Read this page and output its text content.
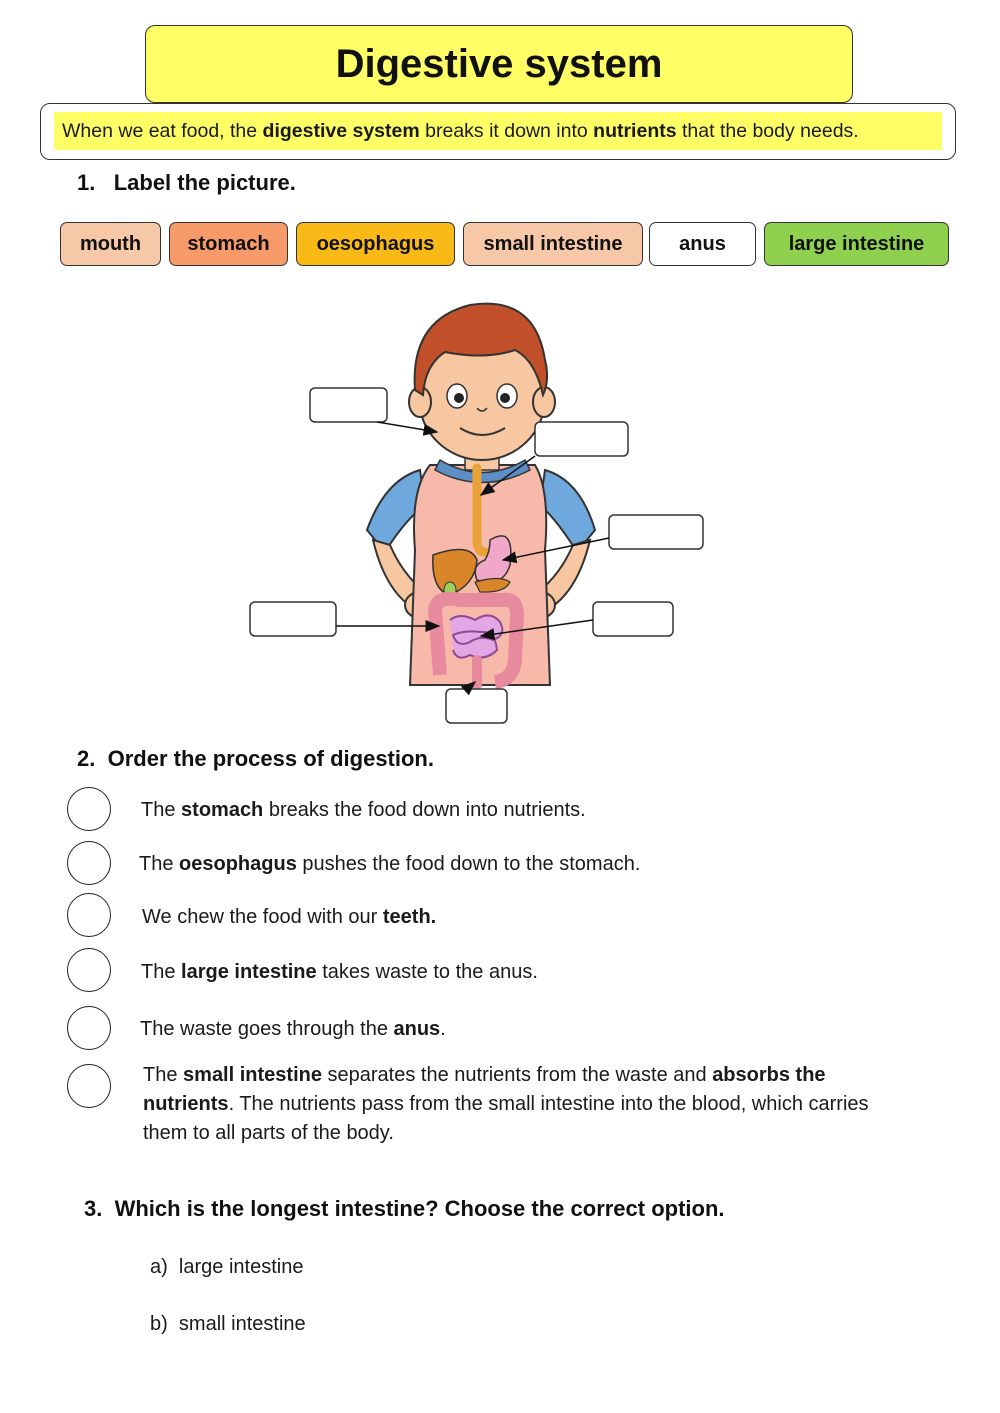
Digestive system
When we eat food, the digestive system breaks it down into nutrients that the body needs.
1. Label the picture.
mouth	stomach	oesophagus	small intestine	anus	large intestine
2. Order the process of digestion.
The stomach breaks the food down into nutrients.
The oesophagus pushes the food down to the stomach.
We chew the food with our teeth.
The large intestine takes waste to the anus.
The waste goes through the anus.
The small intestine separates the nutrients from the waste and absorbs the nutrients. The nutrients pass from the small intestine into the blood, which carries them to all parts of the body.
3. Which is the longest intestine? Choose the correct option.
a) large intestine
b) small intestine
